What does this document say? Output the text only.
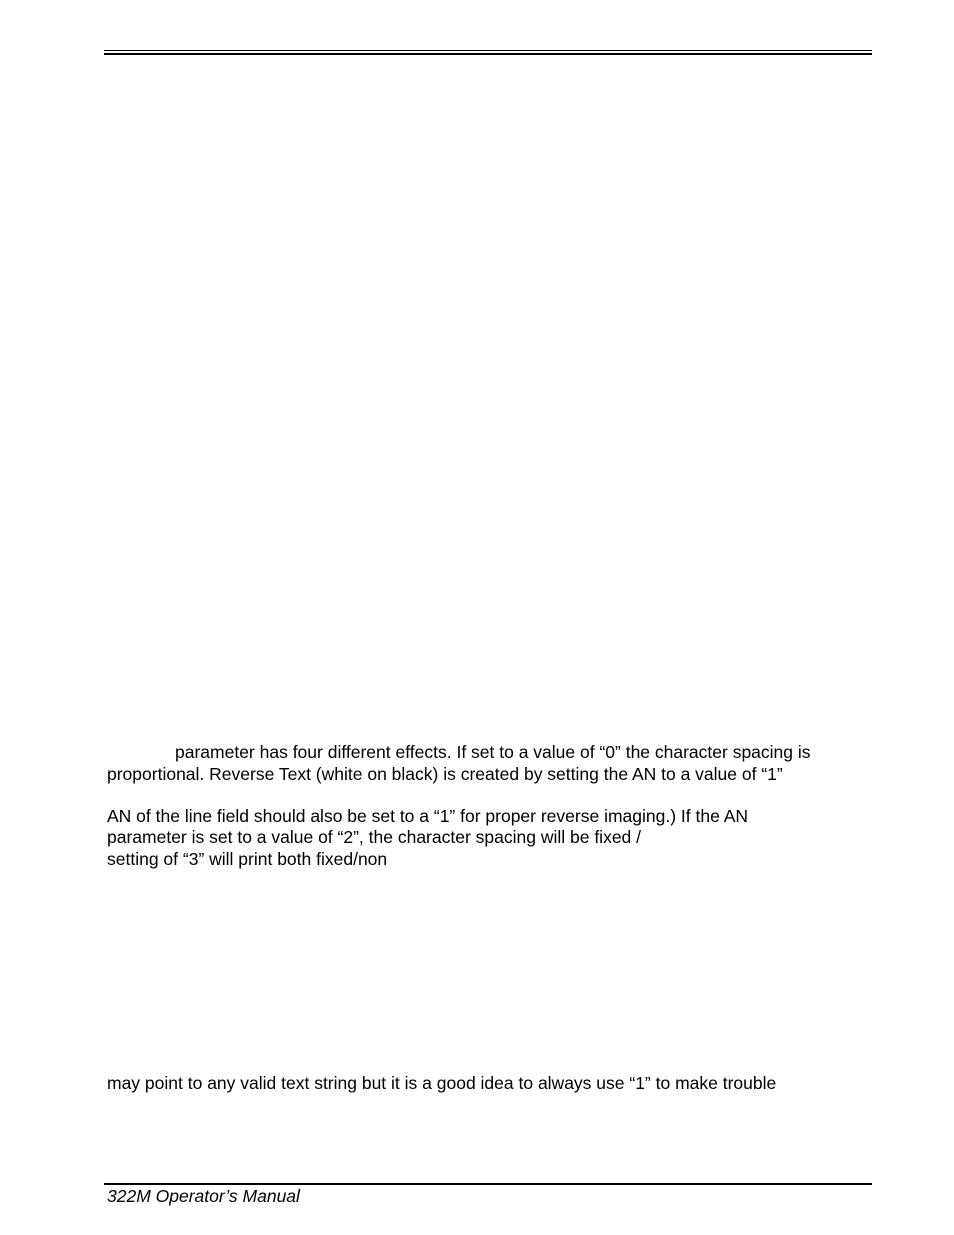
parameter has four different effects. If set to a value of “0” the character spacing is
proportional. Reverse Text (white on black) is created by setting the AN to a value of “1”
AN of the line field should also be set to a “1” for proper reverse imaging.) If the AN
parameter is set to a value of “2”, the character spacing will be fixed /
setting of “3” will print both fixed/non
may point to any valid text string but it is a good idea to always use “1” to make trouble
322M Operator’s Manual
